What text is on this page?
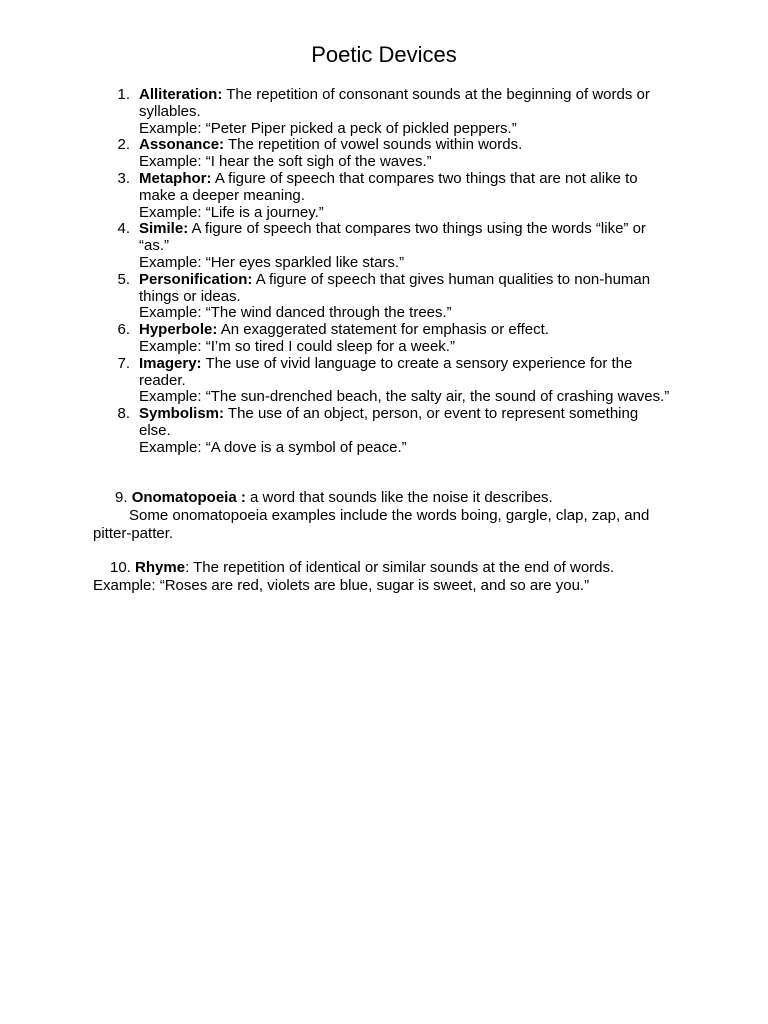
Poetic Devices
1. Alliteration: The repetition of consonant sounds at the beginning of words or syllables.
Example: “Peter Piper picked a peck of pickled peppers.”
2. Assonance: The repetition of vowel sounds within words.
Example: “I hear the soft sigh of the waves.”
3. Metaphor: A figure of speech that compares two things that are not alike to make a deeper meaning.
Example: “Life is a journey.”
4. Simile: A figure of speech that compares two things using the words “like” or “as.”
Example: “Her eyes sparkled like stars.”
5. Personification: A figure of speech that gives human qualities to non-human things or ideas.
Example: “The wind danced through the trees.”
6. Hyperbole: An exaggerated statement for emphasis or effect.
Example: “I’m so tired I could sleep for a week.”
7. Imagery: The use of vivid language to create a sensory experience for the reader.
Example: “The sun-drenched beach, the salty air, the sound of crashing waves.”
8. Symbolism: The use of an object, person, or event to represent something else.
Example: “A dove is a symbol of peace.”
9. Onomatopoeia : a word that sounds like the noise it describes.
Some onomatopoeia examples include the words boing, gargle, clap, zap, and pitter-patter.
10. Rhyme: The repetition of identical or similar sounds at the end of words.
Example: “Roses are red, violets are blue, sugar is sweet, and so are you.”
